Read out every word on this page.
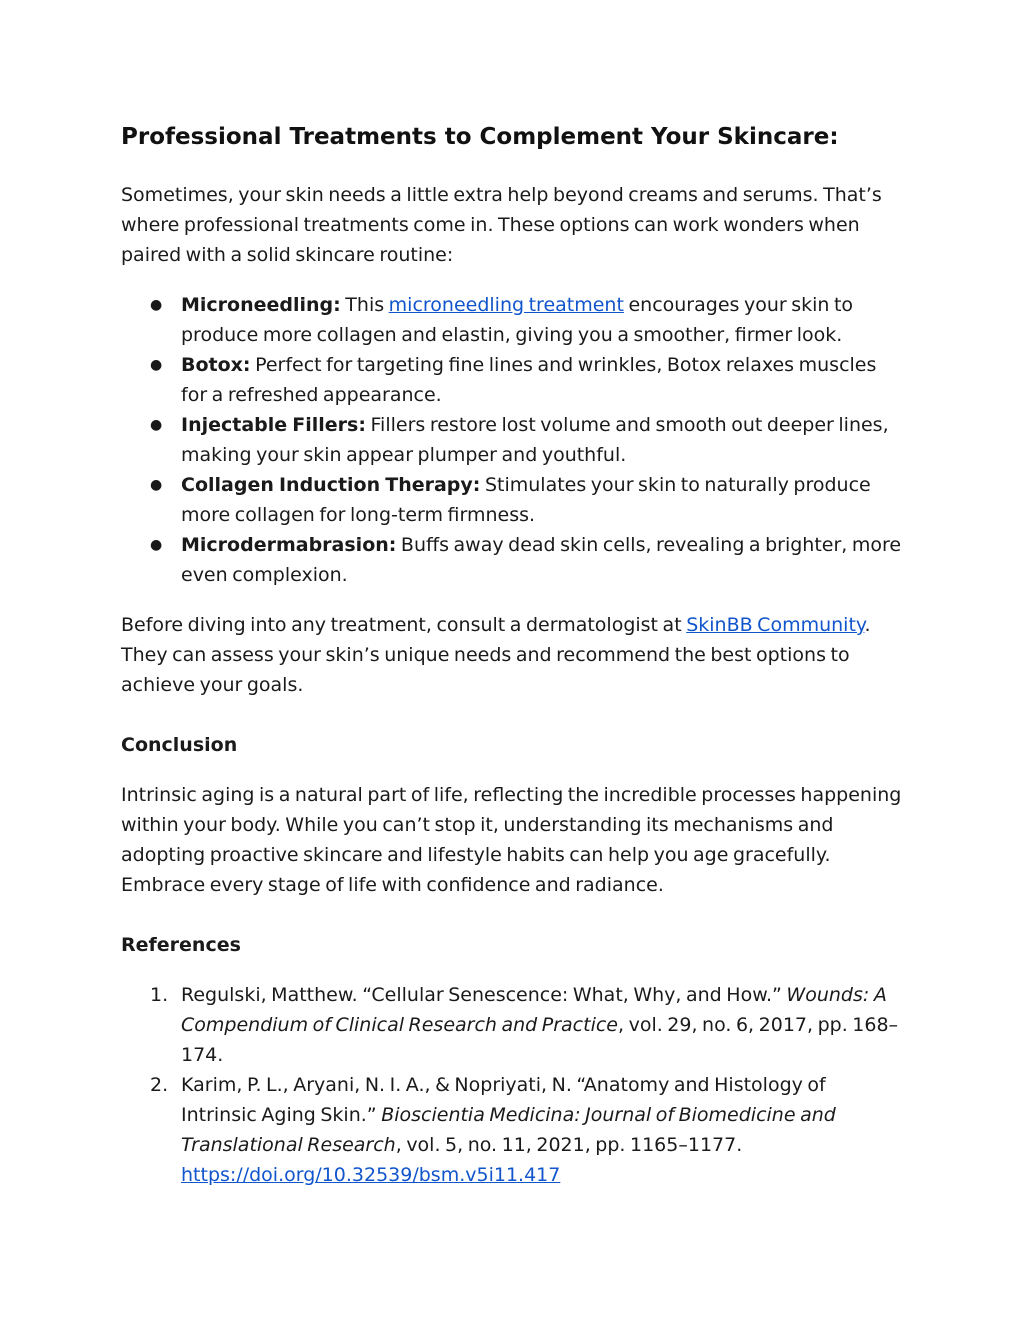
Professional Treatments to Complement Your Skincare:

Sometimes, your skin needs a little extra help beyond creams and serums. That’s where professional treatments come in. These options can work wonders when paired with a solid skincare routine:

● Microneedling: This microneedling treatment encourages your skin to produce more collagen and elastin, giving you a smoother, firmer look.
● Botox: Perfect for targeting fine lines and wrinkles, Botox relaxes muscles for a refreshed appearance.
● Injectable Fillers: Fillers restore lost volume and smooth out deeper lines, making your skin appear plumper and youthful.
● Collagen Induction Therapy: Stimulates your skin to naturally produce more collagen for long-term firmness.
● Microdermabrasion: Buffs away dead skin cells, revealing a brighter, more even complexion.

Before diving into any treatment, consult a dermatologist at SkinBB Community. They can assess your skin’s unique needs and recommend the best options to achieve your goals.

Conclusion

Intrinsic aging is a natural part of life, reflecting the incredible processes happening within your body. While you can’t stop it, understanding its mechanisms and adopting proactive skincare and lifestyle habits can help you age gracefully. Embrace every stage of life with confidence and radiance.

References
1. Regulski, Matthew. “Cellular Senescence: What, Why, and How.” Wounds: A Compendium of Clinical Research and Practice, vol. 29, no. 6, 2017, pp. 168–174.
2. Karim, P. L., Aryani, N. I. A., & Nopriyati, N. “Anatomy and Histology of Intrinsic Aging Skin.” Bioscientia Medicina: Journal of Biomedicine and Translational Research, vol. 5, no. 11, 2021, pp. 1165–1177. https://doi.org/10.32539/bsm.v5i11.417
